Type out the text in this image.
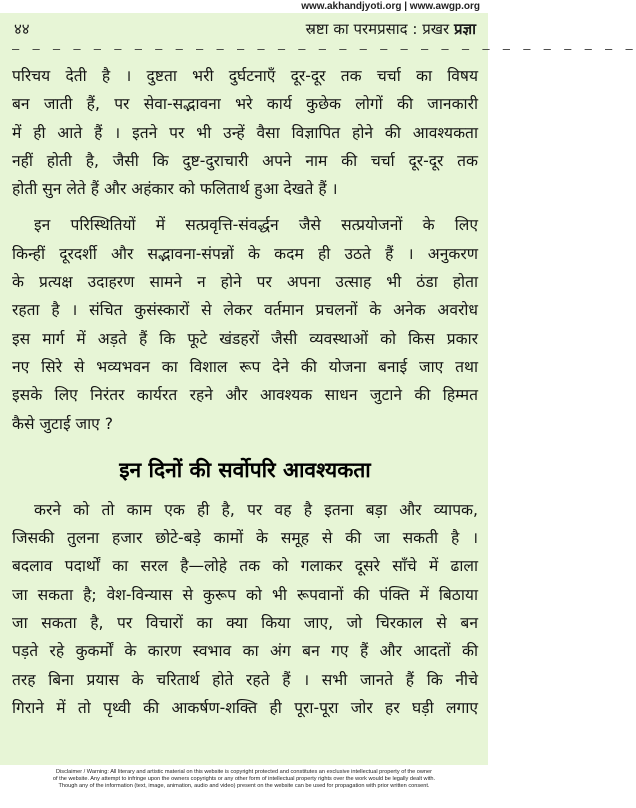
www.akhandjyoti.org | www.awgp.org
४४	स्रष्टा का परमप्रसाद : प्रखर प्रज्ञा
— — — — — — — — — — — — — — — — — — — — — — — — — — — — — — —
परिचय देती है । दुष्टता भरी दुर्घटनाएँ दूर-दूर तक चर्चा का विषय
बन जाती हैं, पर सेवा-सद्भावना भरे कार्य कुछेक लोगों की जानकारी
में ही आते हैं । इतने पर भी उन्हें वैसा विज्ञापित होने की आवश्यकता
नहीं होती है, जैसी कि दुष्ट-दुराचारी अपने नाम की चर्चा दूर-दूर तक
होती सुन लेते हैं और अहंकार को फलितार्थ हुआ देखते हैं ।
इन परिस्थितियों में सत्प्रवृत्ति-संवर्द्धन जैसे सत्प्रयोजनों के लिए
किन्हीं दूरदर्शी और सद्भावना-संपन्नों के कदम ही उठते हैं । अनुकरण
के प्रत्यक्ष उदाहरण सामने न होने पर अपना उत्साह भी ठंडा होता
रहता है । संचित कुसंस्कारों से लेकर वर्तमान प्रचलनों के अनेक अवरोध
इस मार्ग में अड़ते हैं कि फूटे खंडहरों जैसी व्यवस्थाओं को किस प्रकार
नए सिरे से भव्यभवन का विशाल रूप देने की योजना बनाई जाए तथा
इसके लिए निरंतर कार्यरत रहने और आवश्यक साधन जुटाने की हिम्मत
कैसे जुटाई जाए ?
इन दिनों की सर्वोपरि आवश्यकता
करने को तो काम एक ही है, पर वह है इतना बड़ा और व्यापक,
जिसकी तुलना हजार छोटे-बड़े कामों के समूह से की जा सकती है ।
बदलाव पदार्थों का सरल है—लोहे तक को गलाकर दूसरे साँचे में ढाला
जा सकता है; वेश-विन्यास से कुरूप को भी रूपवानों की पंक्ति में बिठाया
जा सकता है, पर विचारों का क्या किया जाए, जो चिरकाल से बन
पड़ते रहे कुकर्मों के कारण स्वभाव का अंग बन गए हैं और आदतों की
तरह बिना प्रयास के चरितार्थ होते रहते हैं । सभी जानते हैं कि नीचे
गिराने में तो पृथ्वी की आकर्षण-शक्ति ही पूरा-पूरा जोर हर घड़ी लगाए
Disclaimer / Warning: All literary and artistic material on this website is copyright protected and constitutes an exclusive intellectual property of the owner
of the website. Any attempt to infringe upon the owners copyrights or any other form of intellectual property rights over the work would be legally dealt with.
Though any of the information (text, image, animation, audio and video) present on the website can be used for propagation with prior written consent.
